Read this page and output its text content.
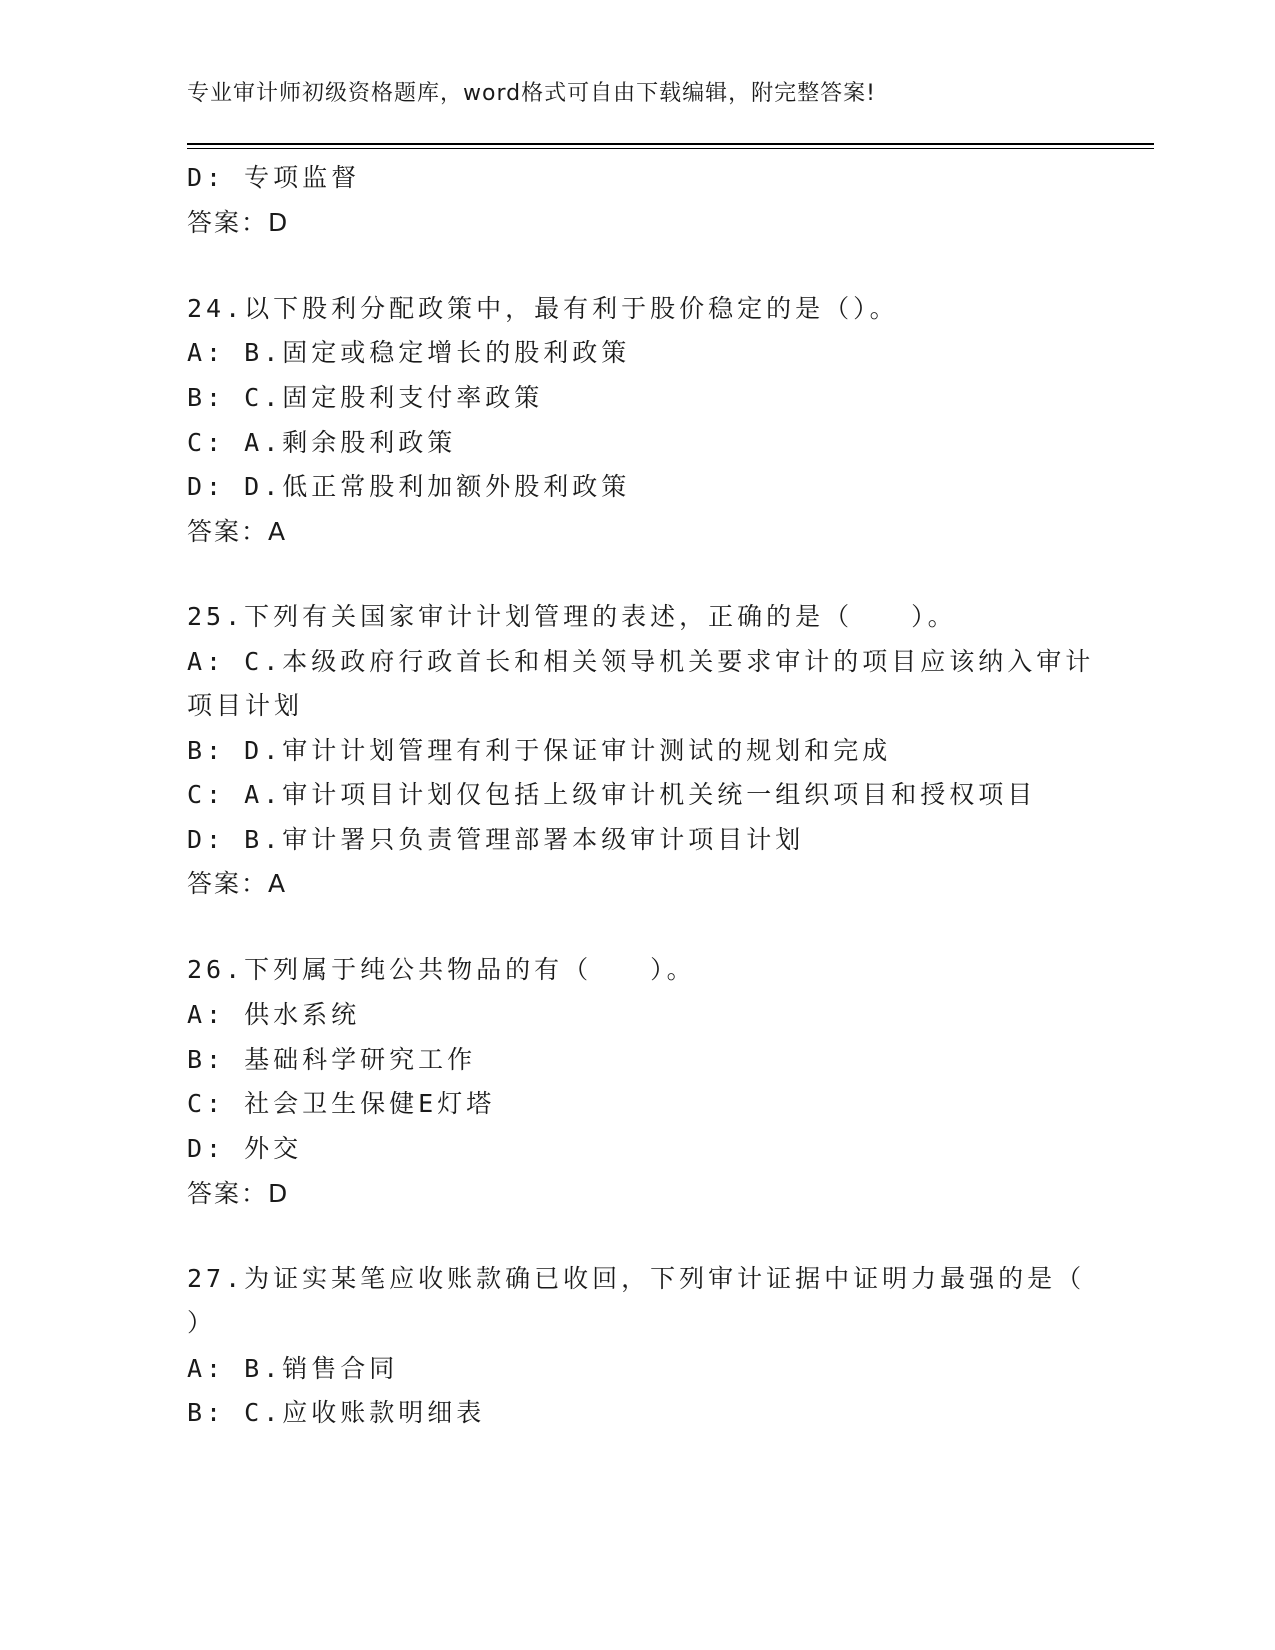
专业审计师初级资格题库，word格式可自由下载编辑，附完整答案!
D: 专项监督
答案：D
24.以下股利分配政策中，最有利于股价稳定的是（）。
A: B.固定或稳定增长的股利政策
B: C.固定股利支付率政策
C: A.剩余股利政策
D: D.低正常股利加额外股利政策
答案：A
25.下列有关国家审计计划管理的表述，正确的是（　　）。
A: C.本级政府行政首长和相关领导机关要求审计的项目应该纳入审计
项目计划
B: D.审计计划管理有利于保证审计测试的规划和完成
C: A.审计项目计划仅包括上级审计机关统一组织项目和授权项目
D: B.审计署只负责管理部署本级审计项目计划
答案：A
26.下列属于纯公共物品的有（　　）。
A: 供水系统
B: 基础科学研究工作
C: 社会卫生保健E灯塔
D: 外交
答案：D
27.为证实某笔应收账款确已收回，下列审计证据中证明力最强的是（
）
A: B.销售合同
B: C.应收账款明细表
